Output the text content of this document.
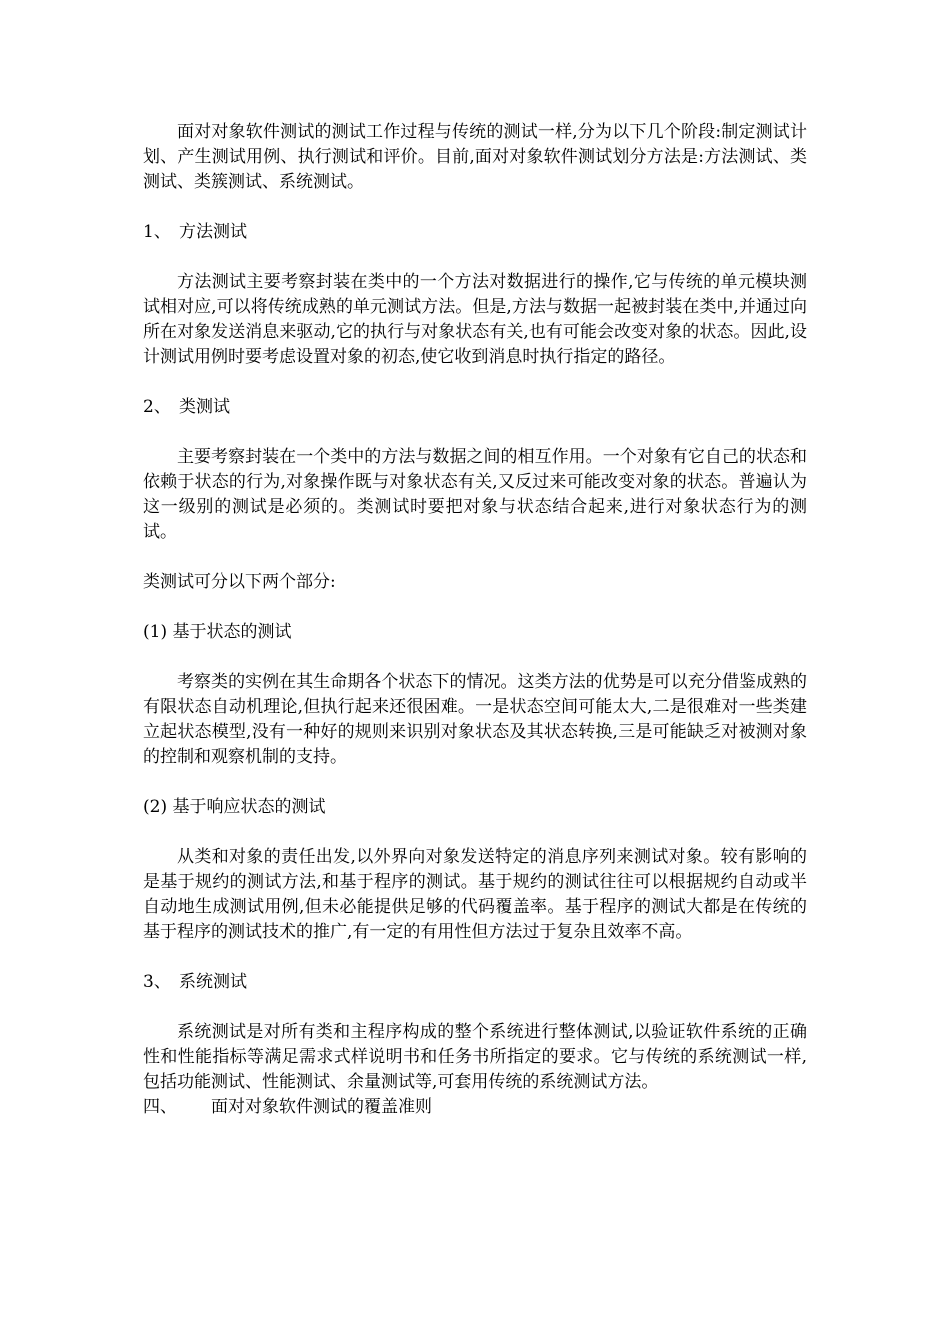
面对对象软件测试的测试工作过程与传统的测试一样,分为以下几个阶段:制定测试计划、产生测试用例、执行测试和评价。目前,面对对象软件测试划分方法是:方法测试、类测试、类簇测试、系统测试。

1、 方法测试

方法测试主要考察封装在类中的一个方法对数据进行的操作,它与传统的单元模块测试相对应,可以将传统成熟的单元测试方法。但是,方法与数据一起被封装在类中,并通过向所在对象发送消息来驱动,它的执行与对象状态有关,也有可能会改变对象的状态。因此,设计测试用例时要考虑设置对象的初态,使它收到消息时执行指定的路径。

2、 类测试

主要考察封装在一个类中的方法与数据之间的相互作用。一个对象有它自己的状态和依赖于状态的行为,对象操作既与对象状态有关,又反过来可能改变对象的状态。普遍认为这一级别的测试是必须的。类测试时要把对象与状态结合起来,进行对象状态行为的测试。

类测试可分以下两个部分:

(1) 基于状态的测试

考察类的实例在其生命期各个状态下的情况。这类方法的优势是可以充分借鉴成熟的有限状态自动机理论,但执行起来还很困难。一是状态空间可能太大,二是很难对一些类建立起状态模型,没有一种好的规则来识别对象状态及其状态转换,三是可能缺乏对被测对象的控制和观察机制的支持。

(2) 基于响应状态的测试

从类和对象的责任出发,以外界向对象发送特定的消息序列来测试对象。较有影响的是基于规约的测试方法,和基于程序的测试。基于规约的测试往往可以根据规约自动或半自动地生成测试用例,但未必能提供足够的代码覆盖率。基于程序的测试大都是在传统的基于程序的测试技术的推广,有一定的有用性但方法过于复杂且效率不高。

3、 系统测试

系统测试是对所有类和主程序构成的整个系统进行整体测试,以验证软件系统的正确性和性能指标等满足需求式样说明书和任务书所指定的要求。它与传统的系统测试一样,包括功能测试、性能测试、余量测试等,可套用传统的系统测试方法。

四、 面对对象软件测试的覆盖准则
